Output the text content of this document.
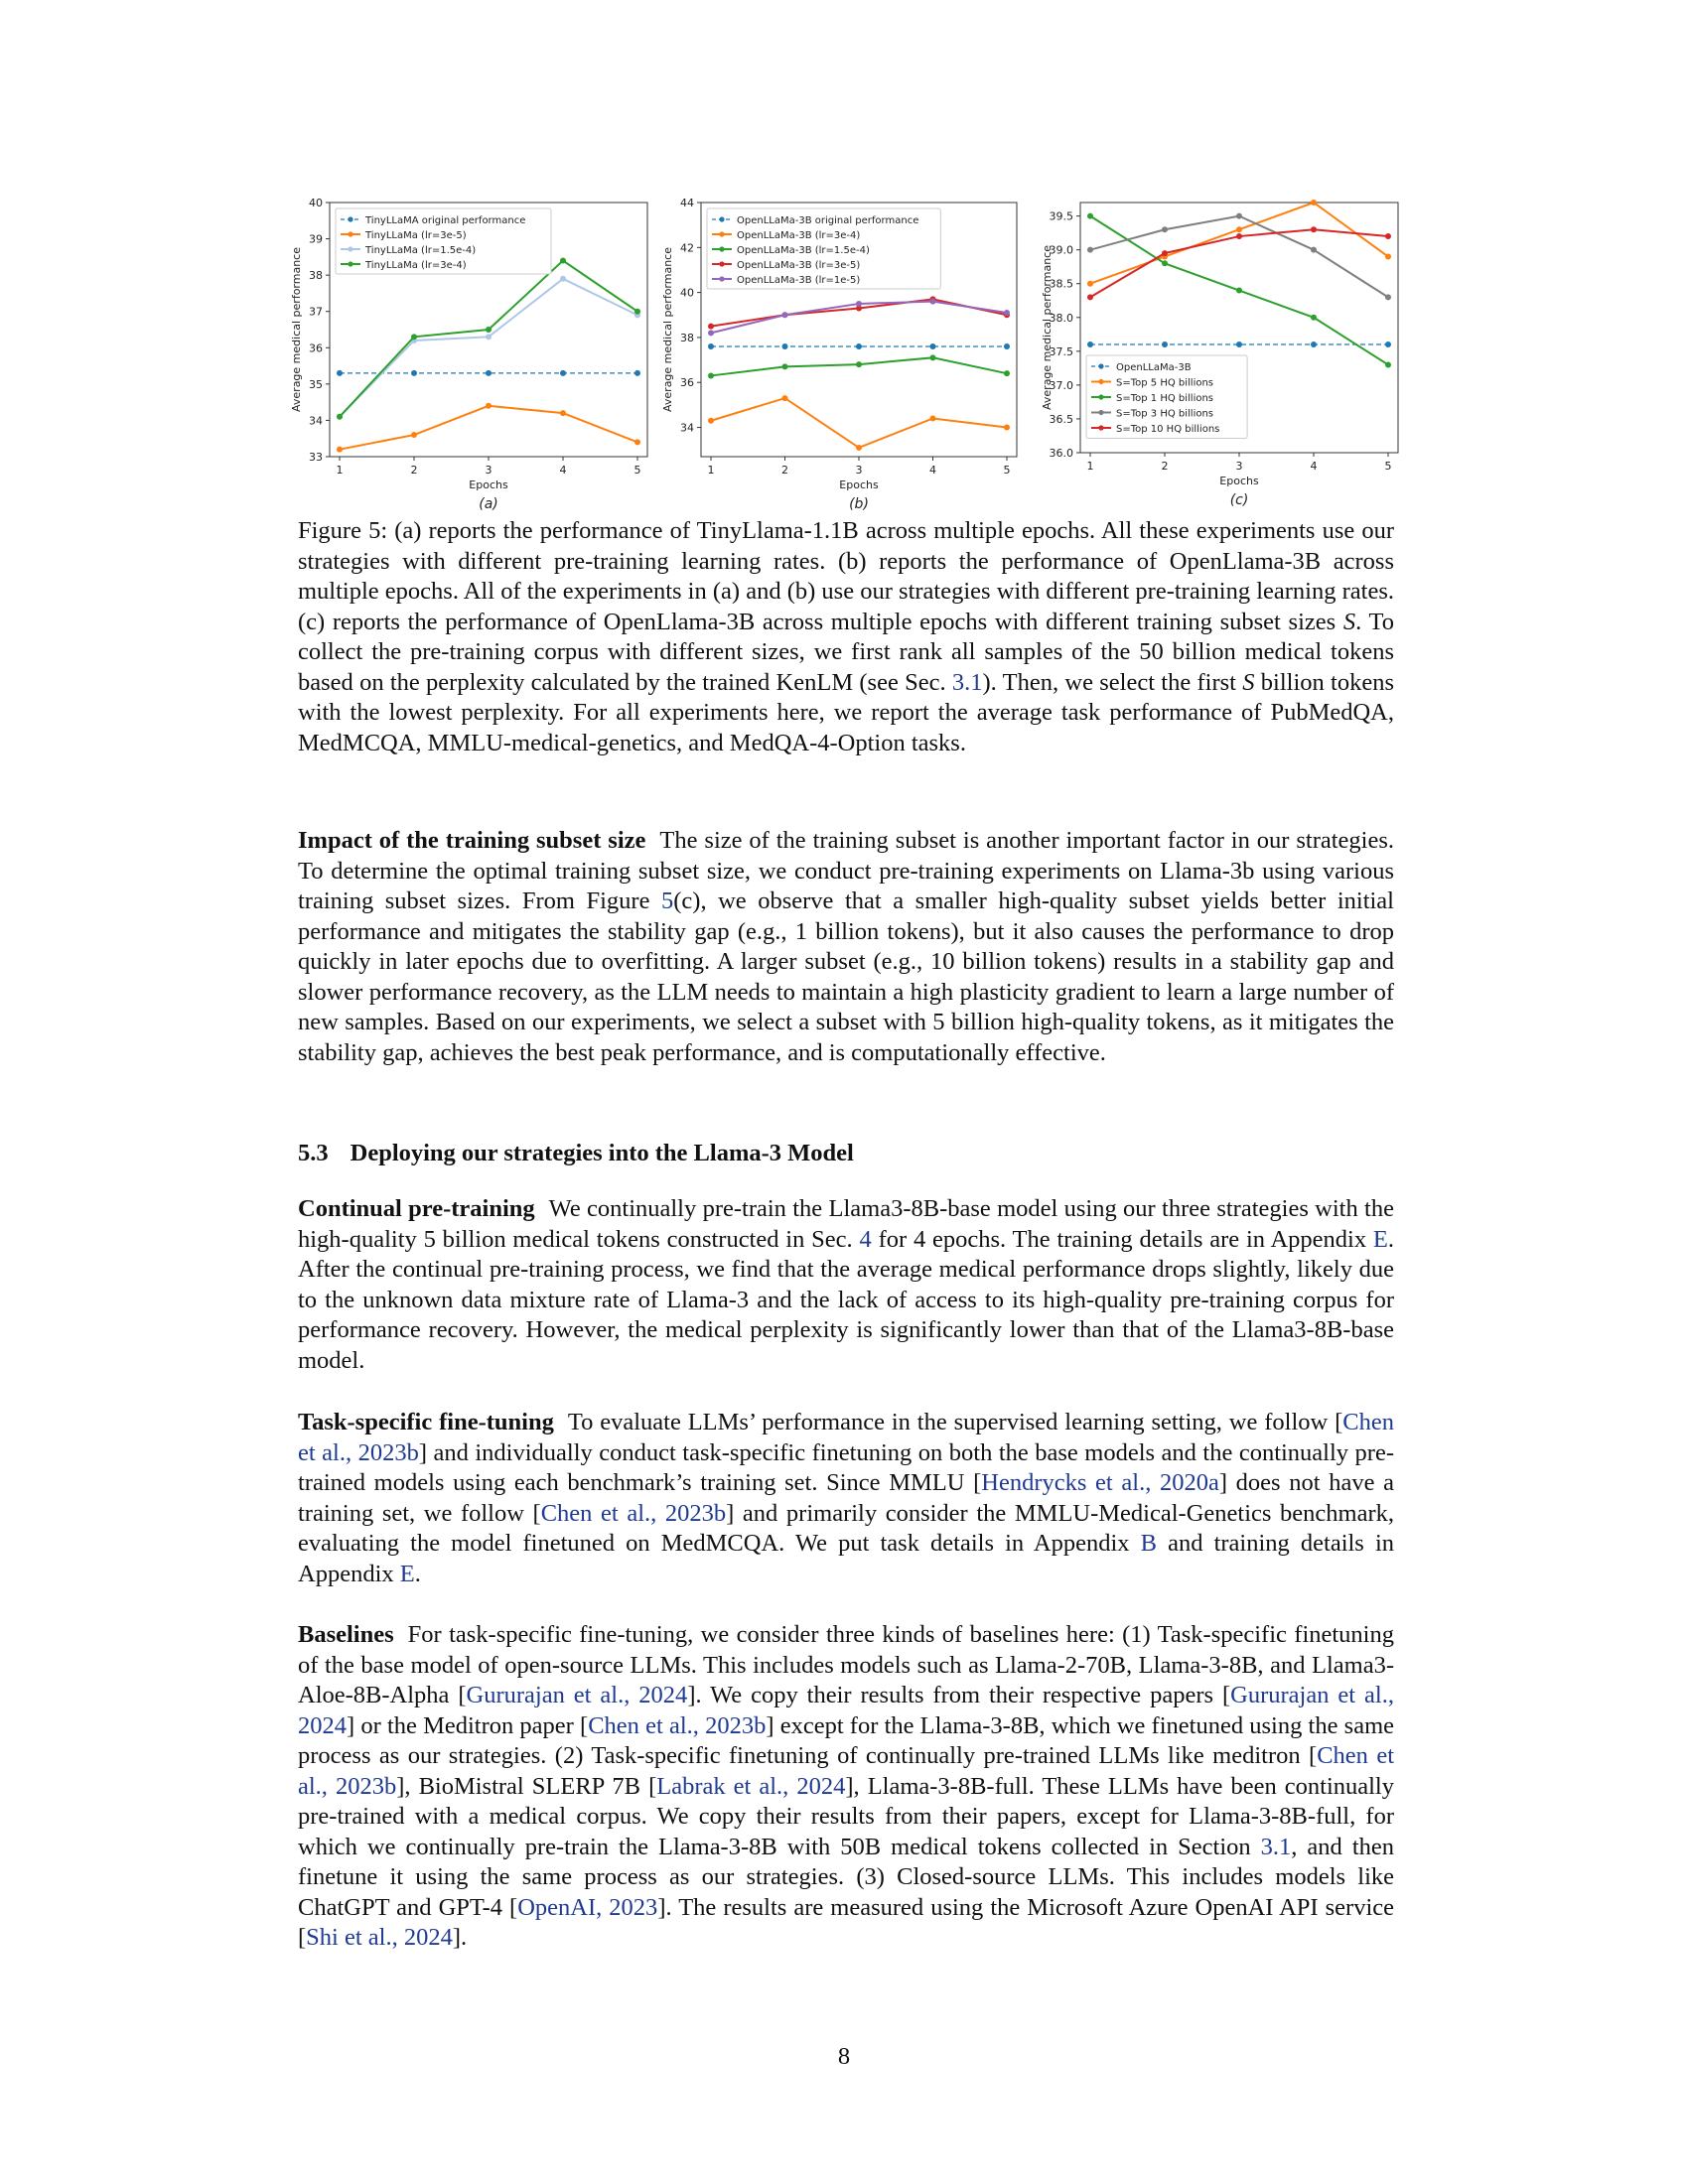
33
34
35
36
37
38
39
40
1	2	3	4	5
Epochs
Average medical performance
TinyLLaMA original performance
TinyLLaMa (lr=3e-5)
TinyLLaMa (lr=1.5e-4)
TinyLLaMa (lr=3e-4)
(a)
34
36
38
40
42
44
1	2	3	4	5
Epochs
Average medical performance
OpenLLaMa-3B original performance
OpenLLaMa-3B (lr=3e-4)
OpenLLaMa-3B (lr=1.5e-4)
OpenLLaMa-3B (lr=3e-5)
OpenLLaMa-3B (lr=1e-5)
(b)
36.0
36.5
37.0
37.5
38.0
38.5
39.0
39.5
1	2	3	4	5
Epochs
Average medical performance	OpenLLaMa-3B
S=Top 5 HQ billions
S=Top 1 HQ billions
S=Top 3 HQ billions
S=Top 10 HQ billions
(c)
Figure 5: (a) reports the performance of TinyLlama-1.1B across multiple epochs. All these experiments use our strategies with different pre-training learning rates. (b) reports the performance of OpenLlama-3B across multiple epochs. All of the experiments in (a) and (b) use our strategies with different pre-training learning rates. (c) reports the performance of OpenLlama-3B across multiple epochs with different training subset sizes S. To collect the pre-training corpus with different sizes, we first rank all samples of the 50 billion medical tokens based on the perplexity calculated by the trained KenLM (see Sec. 3.1). Then, we select the first S billion tokens with the lowest perplexity. For all experiments here, we report the average task performance of PubMedQA, MedMCQA, MMLU-medical-genetics, and MedQA-4-Option tasks.
Impact of the training subset size The size of the training subset is another important factor in our strategies. To determine the optimal training subset size, we conduct pre-training experiments on Llama-3b using various training subset sizes. From Figure 5(c), we observe that a smaller high-quality subset yields better initial performance and mitigates the stability gap (e.g., 1 billion tokens), but it also causes the performance to drop quickly in later epochs due to overfitting. A larger subset (e.g., 10 billion tokens) results in a stability gap and slower performance recovery, as the LLM needs to maintain a high plasticity gradient to learn a large number of new samples. Based on our experiments, we select a subset with 5 billion high-quality tokens, as it mitigates the stability gap, achieves the best peak performance, and is computationally effective.
5.3 Deploying our strategies into the Llama-3 Model
Continual pre-training We continually pre-train the Llama3-8B-base model using our three strategies with the high-quality 5 billion medical tokens constructed in Sec. 4 for 4 epochs. The training details are in Appendix E. After the continual pre-training process, we find that the average medical performance drops slightly, likely due to the unknown data mixture rate of Llama-3 and the lack of access to its high-quality pre-training corpus for performance recovery. However, the medical perplexity is significantly lower than that of the Llama3-8B-base model.
Task-specific fine-tuning To evaluate LLMs’ performance in the supervised learning setting, we follow [Chen et al., 2023b] and individually conduct task-specific finetuning on both the base models and the continually pre-trained models using each benchmark’s training set. Since MMLU [Hendrycks et al., 2020a] does not have a training set, we follow [Chen et al., 2023b] and primarily consider the MMLU-Medical-Genetics benchmark, evaluating the model finetuned on MedMCQA. We put task details in Appendix B and training details in Appendix E.
Baselines For task-specific fine-tuning, we consider three kinds of baselines here: (1) Task-specific finetuning of the base model of open-source LLMs. This includes models such as Llama-2-70B, Llama-3-8B, and Llama3-Aloe-8B-Alpha [Gururajan et al., 2024]. We copy their results from their respective papers [Gururajan et al., 2024] or the Meditron paper [Chen et al., 2023b] except for the Llama-3-8B, which we finetuned using the same process as our strategies. (2) Task-specific finetuning of continually pre-trained LLMs like meditron [Chen et al., 2023b], BioMistral SLERP 7B [Labrak et al., 2024], Llama-3-8B-full. These LLMs have been continually pre-trained with a medical corpus. We copy their results from their papers, except for Llama-3-8B-full, for which we continually pre-train the Llama-3-8B with 50B medical tokens collected in Section 3.1, and then finetune it using the same process as our strategies. (3) Closed-source LLMs. This includes models like ChatGPT and GPT-4 [OpenAI, 2023]. The results are measured using the Microsoft Azure OpenAI API service [Shi et al., 2024].
8
